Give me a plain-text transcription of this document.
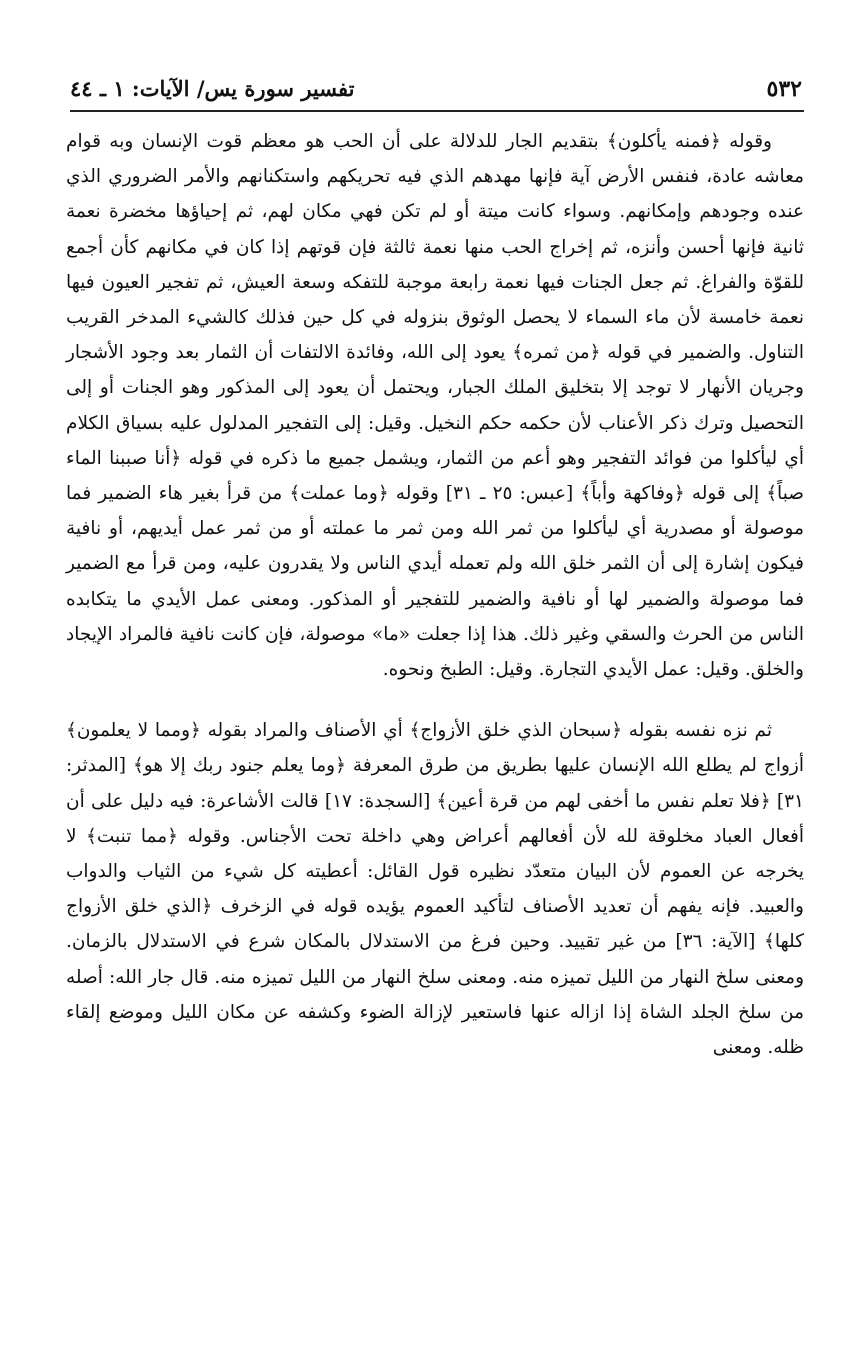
٥٣٢
تفسير سورة يس/ الآيات: ١ ـ ٤٤

وقوله ﴿فمنه يأكلون﴾ بتقديم الجار للدلالة على أن الحب هو معظم قوت الإنسان وبه قوام معاشه عادة، فنفس الأرض آية فإنها مهدهم الذي فيه تحريكهم واستكنانهم والأمر الضروري الذي عنده وجودهم وإمكانهم. وسواء كانت ميتة أو لم تكن فهي مكان لهم، ثم إحياؤها مخضرة نعمة ثانية فإنها أحسن وأنزه، ثم إخراج الحب منها نعمة ثالثة فإن قوتهم إذا كان في مكانهم كأن أجمع للقوّة والفراغ. ثم جعل الجنات فيها نعمة رابعة موجبة للتفكه وسعة العيش، ثم تفجير العيون فيها نعمة خامسة لأن ماء السماء لا يحصل الوثوق بنزوله في كل حين فذلك كالشيء المدخر القريب التناول. والضمير في قوله ﴿من ثمره﴾ يعود إلى الله، وفائدة الالتفات أن الثمار بعد وجود الأشجار وجريان الأنهار لا توجد إلا بتخليق الملك الجبار، ويحتمل أن يعود إلى المذكور وهو الجنات أو إلى التحصيل وترك ذكر الأعناب لأن حكمه حكم النخيل. وقيل: إلى التفجير المدلول عليه بسياق الكلام أي ليأكلوا من فوائد التفجير وهو أعم من الثمار، ويشمل جميع ما ذكره في قوله ﴿أنا صببنا الماء صباً﴾ إلى قوله ﴿وفاكهة وأباً﴾ [عبس: ٢٥ ـ ٣١] وقوله ﴿وما عملت﴾ من قرأ بغير هاء الضمير فما موصولة أو مصدرية أي ليأكلوا من ثمر الله ومن ثمر ما عملته أو من ثمر عمل أيديهم، أو نافية فيكون إشارة إلى أن الثمر خلق الله ولم تعمله أيدي الناس ولا يقدرون عليه، ومن قرأ مع الضمير فما موصولة والضمير لها أو نافية والضمير للتفجير أو المذكور. ومعنى عمل الأيدي ما يتكابده الناس من الحرث والسقي وغير ذلك. هذا إذا جعلت «ما» موصولة، فإن كانت نافية فالمراد الإيجاد والخلق. وقيل: عمل الأيدي التجارة. وقيل: الطبخ ونحوه.

ثم نزه نفسه بقوله ﴿سبحان الذي خلق الأزواج﴾ أي الأصناف والمراد بقوله ﴿ومما لا يعلمون﴾ أزواج لم يطلع الله الإنسان عليها بطريق من طرق المعرفة ﴿وما يعلم جنود ربك إلا هو﴾ [المدثر: ٣١] ﴿فلا تعلم نفس ما أخفى لهم من قرة أعين﴾ [السجدة: ١٧] قالت الأشاعرة: فيه دليل على أن أفعال العباد مخلوقة لله لأن أفعالهم أعراض وهي داخلة تحت الأجناس. وقوله ﴿مما تنبت﴾ لا يخرجه عن العموم لأن البيان متعدّد نظيره قول القائل: أعطيته كل شيء من الثياب والدواب والعبيد. فإنه يفهم أن تعديد الأصناف لتأكيد العموم يؤيده قوله في الزخرف ﴿الذي خلق الأزواج كلها﴾ [الآية: ٣٦] من غير تقييد. وحين فرغ من الاستدلال بالمكان شرع في الاستدلال بالزمان. ومعنى سلخ النهار من الليل تميزه منه. ومعنى سلخ النهار من الليل تميزه منه. قال جار الله: أصله من سلخ الجلد الشاة إذا ازاله عنها فاستعير لإزالة الضوء وكشفه عن مكان الليل وموضع إلقاء ظله. ومعنى
